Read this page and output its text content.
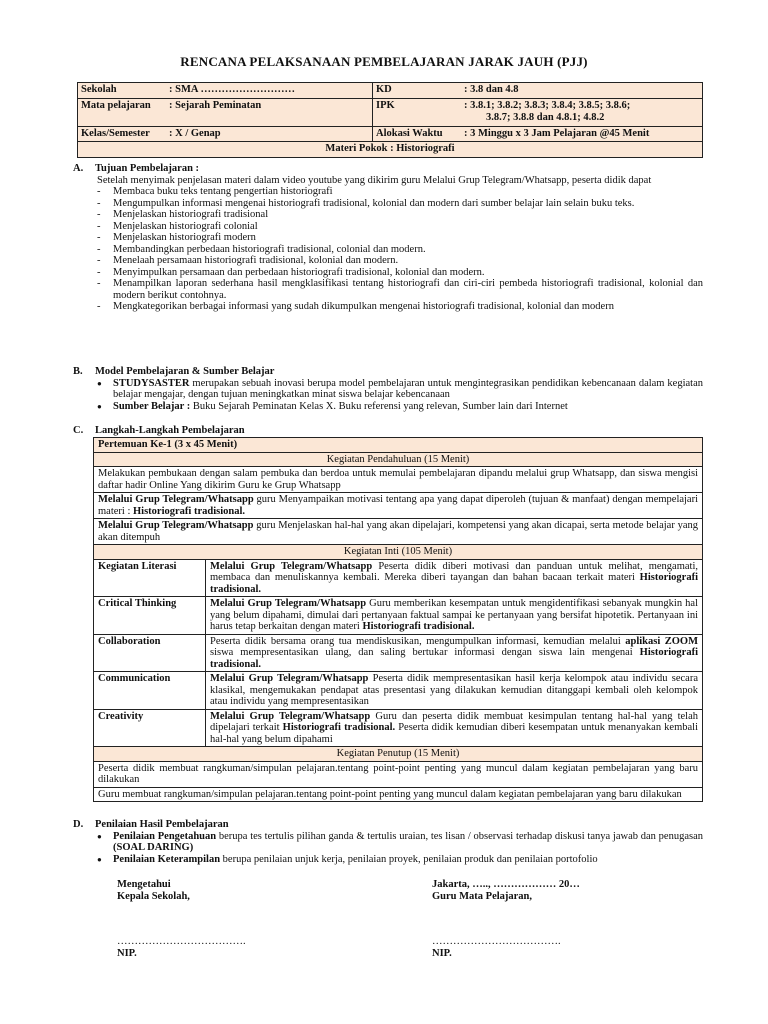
RENCANA PELAKSANAAN PEMBELAJARAN JARAK JAUH (PJJ)
Sekolah : SMA ………………………	KD : 3.8 dan 4.8
Mata pelajaran : Sejarah Peminatan	IPK : 3.8.1; 3.8.2; 3.8.3; 3.8.4; 3.8.5; 3.8.6;
3.8.7; 3.8.8 dan 4.8.1; 4.8.2

Kelas/Semester : X / Genap	Alokasi Waktu : 3 Minggu x 3 Jam Pelajaran @45 Menit
Materi Pokok : Historiografi	
A. Tujuan Pembelajaran :
Setelah menyimak penjelasan materi dalam video youtube yang dikirim guru Melalui Grup Telegram/Whatsapp, peserta didik dapat
- Membaca buku teks tentang pengertian historiografi
- Mengumpulkan informasi mengenai historiografi tradisional, kolonial dan modern dari sumber belajar lain selain buku teks.
- Menjelaskan historiografi tradisional
- Menjelaskan historiografi colonial
- Menjelaskan historiografi modern
- Membandingkan perbedaan historiografi tradisional, colonial dan modern.
- Menelaah persamaan historiografi tradisional, kolonial dan modern.
- Menyimpulkan persamaan dan perbedaan historiografi tradisional, kolonial dan modern.
- Menampilkan laporan sederhana hasil mengklasifikasi tentang historiografi dan ciri-ciri pembeda historiografi tradisional, kolonial dan modern berikut contohnya.
- Mengkategorikan berbagai informasi yang sudah dikumpulkan mengenai historiografi tradisional, kolonial dan modern
B. Model Pembelajaran & Sumber Belajar
● STUDYSASTER merupakan sebuah inovasi berupa model pembelajaran untuk mengintegrasikan pendidikan kebencanaan dalam kegiatan belajar mengajar, dengan tujuan meningkatkan minat siswa belajar kebencanaan
● Sumber Belajar : Buku Sejarah Peminatan Kelas X. Buku referensi yang relevan, Sumber lain dari Internet
C. Langkah-Langkah Pembelajaran
Pertemuan Ke-1 (3 x 45 Menit)	
Kegiatan Pendahuluan (15 Menit)	
Melakukan pembukaan dengan salam pembuka dan berdoa untuk memulai pembelajaran dipandu melalui grup Whatsapp, dan siswa mengisi daftar hadir Online Yang dikirim Guru ke Grup Whatsapp	
Melalui Grup Telegram/Whatsapp guru Menyampaikan motivasi tentang apa yang dapat diperoleh (tujuan & manfaat) dengan mempelajari materi : Historiografi tradisional.	
Melalui Grup Telegram/Whatsapp guru Menjelaskan hal-hal yang akan dipelajari, kompetensi yang akan dicapai, serta metode belajar yang akan ditempuh	
Kegiatan Inti (105 Menit)	
Kegiatan Literasi	Melalui Grup Telegram/Whatsapp Peserta didik diberi motivasi dan panduan untuk melihat, mengamati, membaca dan menuliskannya kembali. Mereka diberi tayangan dan bahan bacaan terkait materi Historiografi tradisional.
Critical Thinking	Melalui Grup Telegram/Whatsapp Guru memberikan kesempatan untuk mengidentifikasi sebanyak mungkin hal yang belum dipahami, dimulai dari pertanyaan faktual sampai ke pertanyaan yang bersifat hipotetik. Pertanyaan ini harus tetap berkaitan dengan materi Historiografi tradisional.
Collaboration	Peserta didik bersama orang tua mendiskusikan, mengumpulkan informasi, kemudian melalui aplikasi ZOOM siswa mempresentasikan ulang, dan saling bertukar informasi dengan siswa lain mengenai Historiografi tradisional.
Communication	Melalui Grup Telegram/Whatsapp Peserta didik mempresentasikan hasil kerja kelompok atau individu secara klasikal, mengemukakan pendapat atas presentasi yang dilakukan kemudian ditanggapi kembali oleh kelompok atau individu yang mempresentasikan
Creativity	Melalui Grup Telegram/Whatsapp Guru dan peserta didik membuat kesimpulan tentang hal-hal yang telah dipelajari terkait Historiografi tradisional. Peserta didik kemudian diberi kesempatan untuk menanyakan kembali hal-hal yang belum dipahami
Kegiatan Penutup (15 Menit)	
Peserta didik membuat rangkuman/simpulan pelajaran.tentang point-point penting yang muncul dalam kegiatan pembelajaran yang baru dilakukan	
Guru membuat rangkuman/simpulan pelajaran.tentang point-point penting yang muncul dalam kegiatan pembelajaran yang baru dilakukan	
D. Penilaian Hasil Pembelajaran
● Penilaian Pengetahuan berupa tes tertulis pilihan ganda & tertulis uraian, tes lisan / observasi terhadap diskusi tanya jawab dan penugasan (SOAL DARING)
● Penilaian Keterampilan berupa penilaian unjuk kerja, penilaian proyek, penilaian produk dan penilaian portofolio
Mengetahui
Kepala Sekolah,
……………………………….
NIP.
Jakarta, ….., ……………… 20…
Guru Mata Pelajaran,
……………………………….
NIP.
